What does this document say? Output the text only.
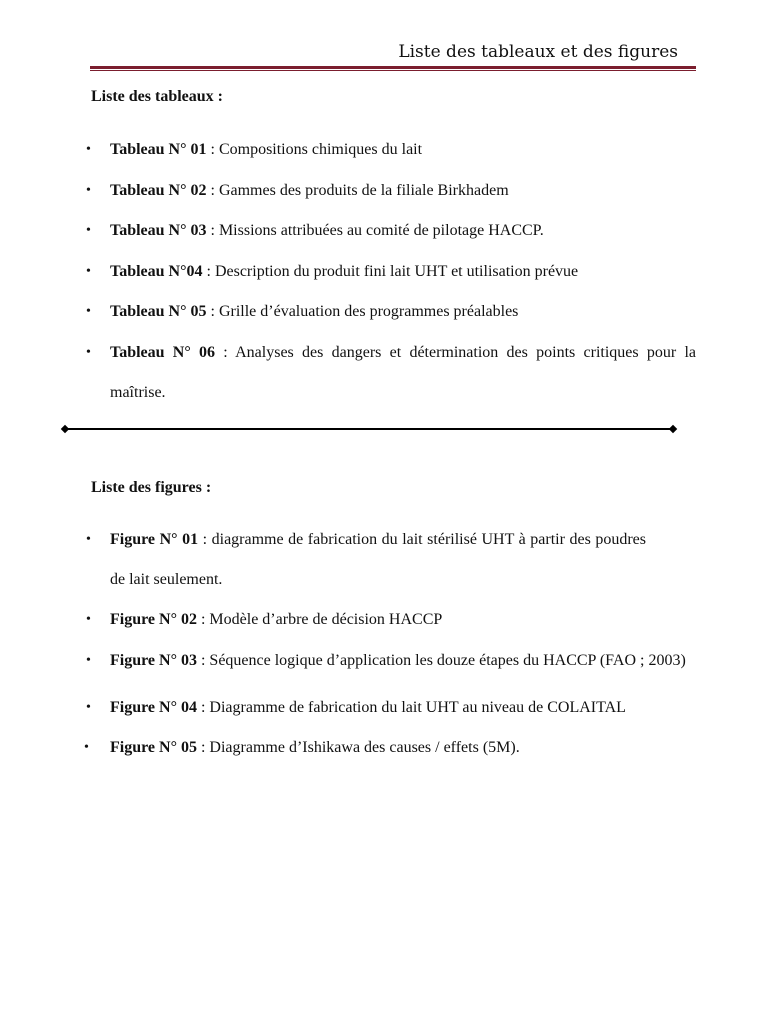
Liste des tableaux et des figures
Liste des tableaux :
• Tableau N° 01 : Compositions chimiques du lait
• Tableau N° 02 : Gammes des produits de la filiale Birkhadem
• Tableau N° 03 : Missions attribuées au comité de pilotage HACCP.
• Tableau N°04 : Description du produit fini lait UHT et utilisation prévue
• Tableau N° 05 : Grille d’évaluation des programmes préalables
• Tableau N° 06 : Analyses des dangers et détermination des points critiques pour la maîtrise.
Liste des figures :
• Figure N° 01 : diagramme de fabrication du lait stérilisé UHT à partir des poudres de lait seulement.
• Figure N° 02 : Modèle d’arbre de décision HACCP
• Figure N° 03 : Séquence logique d’application les douze étapes du HACCP (FAO ; 2003)
• Figure N° 04 : Diagramme de fabrication du lait UHT au niveau de COLAITAL
• Figure N° 05 : Diagramme d’Ishikawa des causes / effets (5M).
